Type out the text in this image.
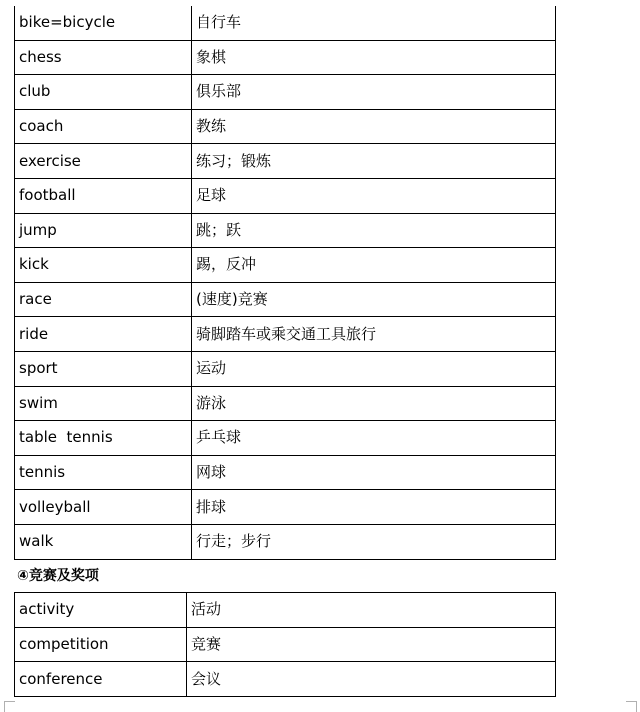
bike=bicycle	自行车
chess	象棋
club	俱乐部
coach	教练
exercise	练习；锻炼
football	足球
jump	跳；跃
kick	踢，反冲
race	(速度)竞赛
ride	骑脚踏车或乘交通工具旅行
sport	运动
swim	游泳
table  tennis	乒乓球
tennis	网球
volleyball	排球
walk	行走；步行
④竞赛及奖项
activity	活动
competition	竞赛
conference	会议
